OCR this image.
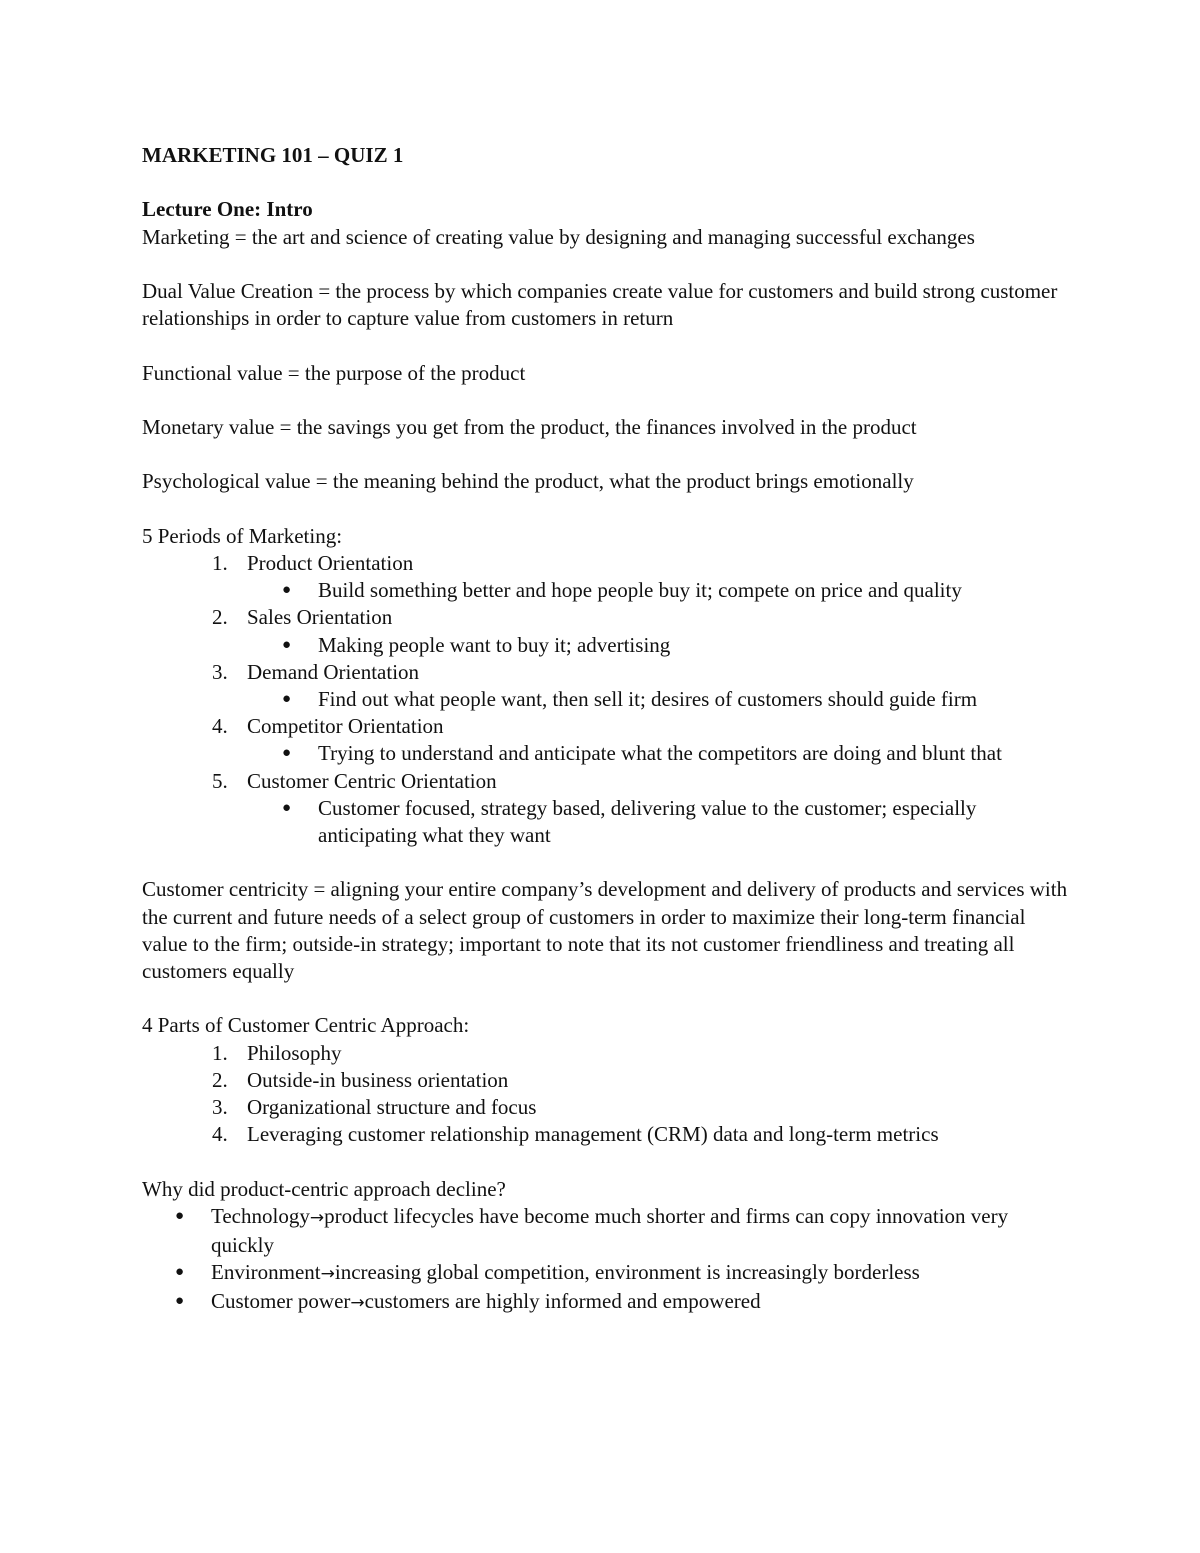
MARKETING 101 – QUIZ 1

Lecture One: Intro

Marketing = the art and science of creating value by designing and managing successful exchanges

Dual Value Creation = the process by which companies create value for customers and build strong customer relationships in order to capture value from customers in return

Functional value = the purpose of the product

Monetary value = the savings you get from the product, the finances involved in the product

Psychological value = the meaning behind the product, what the product brings emotionally

5 Periods of Marketing:
1. Product Orientation
● Build something better and hope people buy it; compete on price and quality
2. Sales Orientation
● Making people want to buy it; advertising
3. Demand Orientation
● Find out what people want, then sell it; desires of customers should guide firm
4. Competitor Orientation
● Trying to understand and anticipate what the competitors are doing and blunt that
5. Customer Centric Orientation
● Customer focused, strategy based, delivering value to the customer; especially anticipating what they want

Customer centricity = aligning your entire company’s development and delivery of products and services with the current and future needs of a select group of customers in order to maximize their long-term financial value to the firm; outside-in strategy; important to note that its not customer friendliness and treating all customers equally

4 Parts of Customer Centric Approach:
1. Philosophy
2. Outside-in business orientation
3. Organizational structure and focus
4. Leveraging customer relationship management (CRM) data and long-term metrics
Why did product-centric approach decline?
● Technology→product lifecycles have become much shorter and firms can copy innovation very quickly
● Environment→increasing global competition, environment is increasingly borderless
● Customer power→customers are highly informed and empowered
